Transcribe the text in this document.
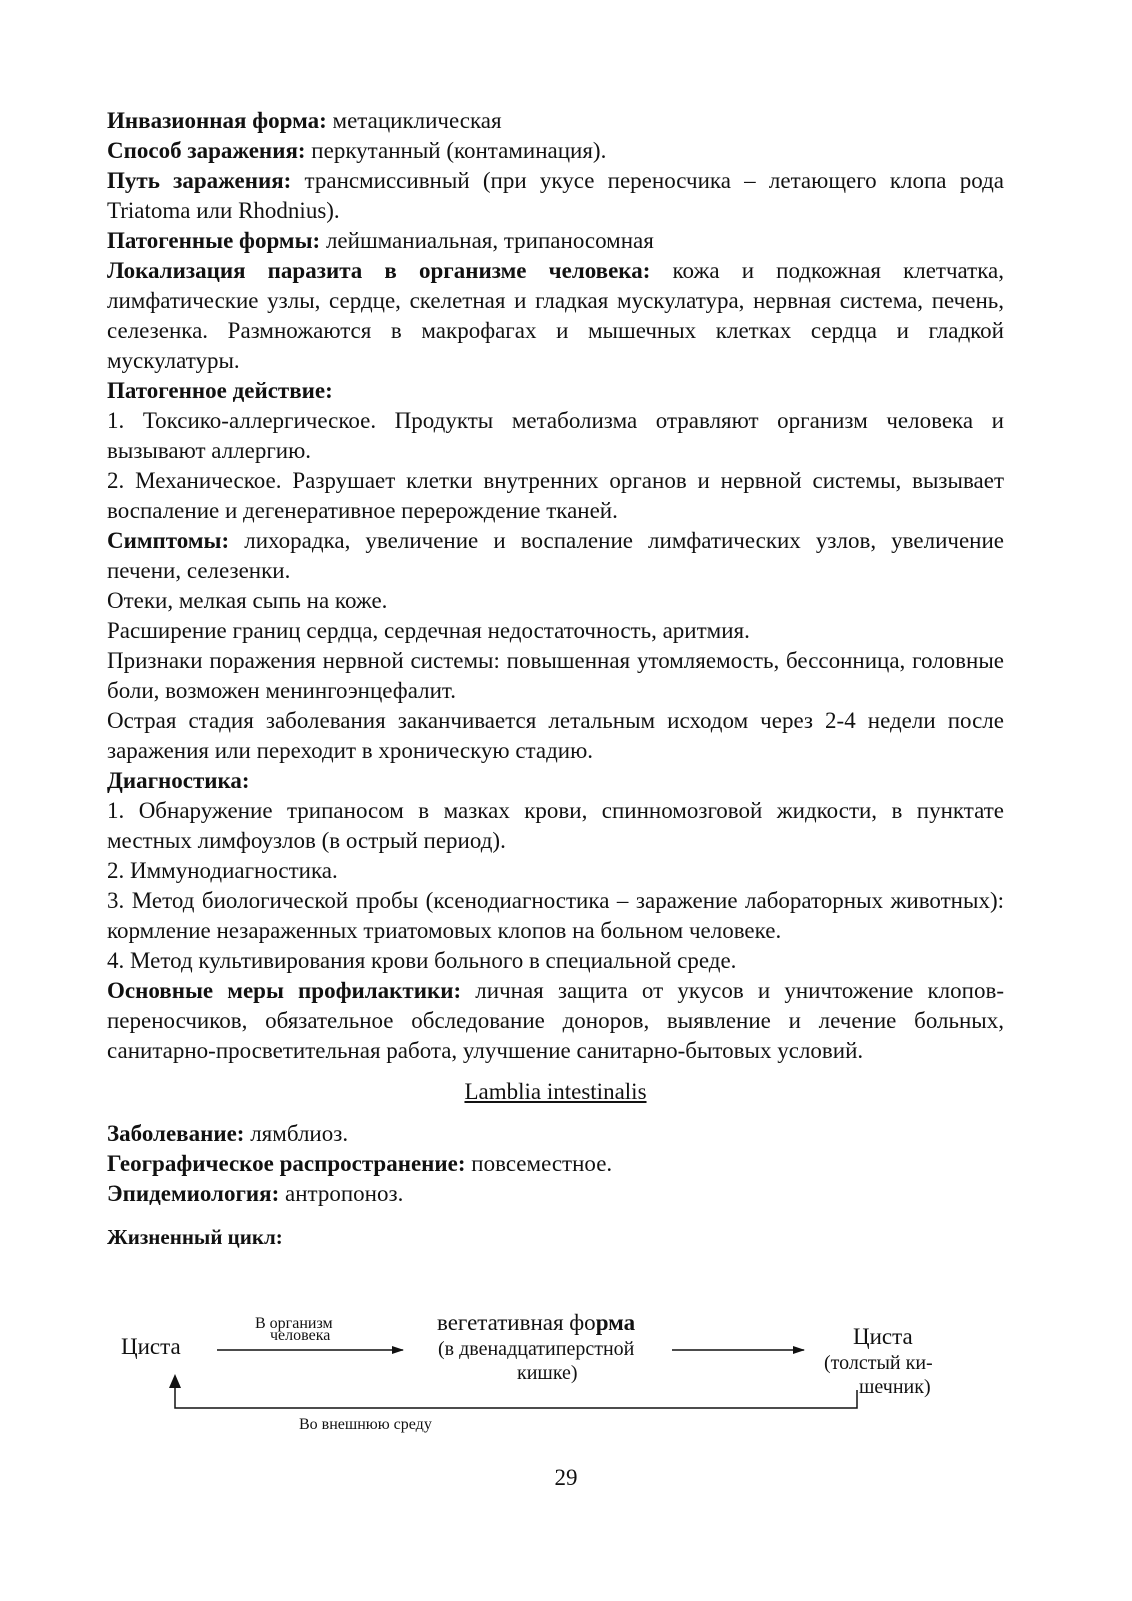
Инвазионная форма: метациклическая

Способ заражения: перкутанный (контаминация).

Путь заражения: трансмиссивный (при укусе переносчика – летающего клопа рода Triatoma или Rhodnius).

Патогенные формы: лейшманиальная, трипаносомная

Локализация паразита в организме человека: кожа и подкожная клетчатка, лимфатические узлы, сердце, скелетная и гладкая мускулатура, нервная система, печень, селезенка. Размножаются в макрофагах и мышечных клетках сердца и гладкой мускулатуры.

Патогенное действие:

1. Токсико-аллергическое. Продукты метаболизма отравляют организм человека и вызывают аллергию.

2. Механическое. Разрушает клетки внутренних органов и нервной системы, вызывает воспаление и дегенеративное перерождение тканей.

Симптомы: лихорадка, увеличение и воспаление лимфатических узлов, увеличение печени, селезенки.

Отеки, мелкая сыпь на коже.

Расширение границ сердца, сердечная недостаточность, аритмия.

Признаки поражения нервной системы: повышенная утомляемость, бессонница, головные боли, возможен менингоэнцефалит.

Острая стадия заболевания заканчивается летальным исходом через 2-4 недели после заражения или переходит в хроническую стадию.

Диагностика:

1. Обнаружение трипаносом в мазках крови, спинномозговой жидкости, в пунктате местных лимфоузлов (в острый период).

2. Иммунодиагностика.

3. Метод биологической пробы (ксенодиагностика – заражение лабораторных животных): кормление незараженных триатомовых клопов на больном человеке.

4. Метод культивирования крови больного в специальной среде.

Основные меры профилактики: личная защита от укусов и уничтожение клопов-переносчиков, обязательное обследование доноров, выявление и лечение больных, санитарно-просветительная работа, улучшение санитарно-бытовых условий.

Lamblia intestinalis

Заболевание: лямблиоз.

Географическое распространение: повсеместное.

Эпидемиология: антропоноз.

Жизненный цикл:
Циста
В организм
человека
вегетативная форма
(в двенадцатиперстной
кишке)
Циста
(толстый ки-
шечник)
Во внешнюю среду
29
